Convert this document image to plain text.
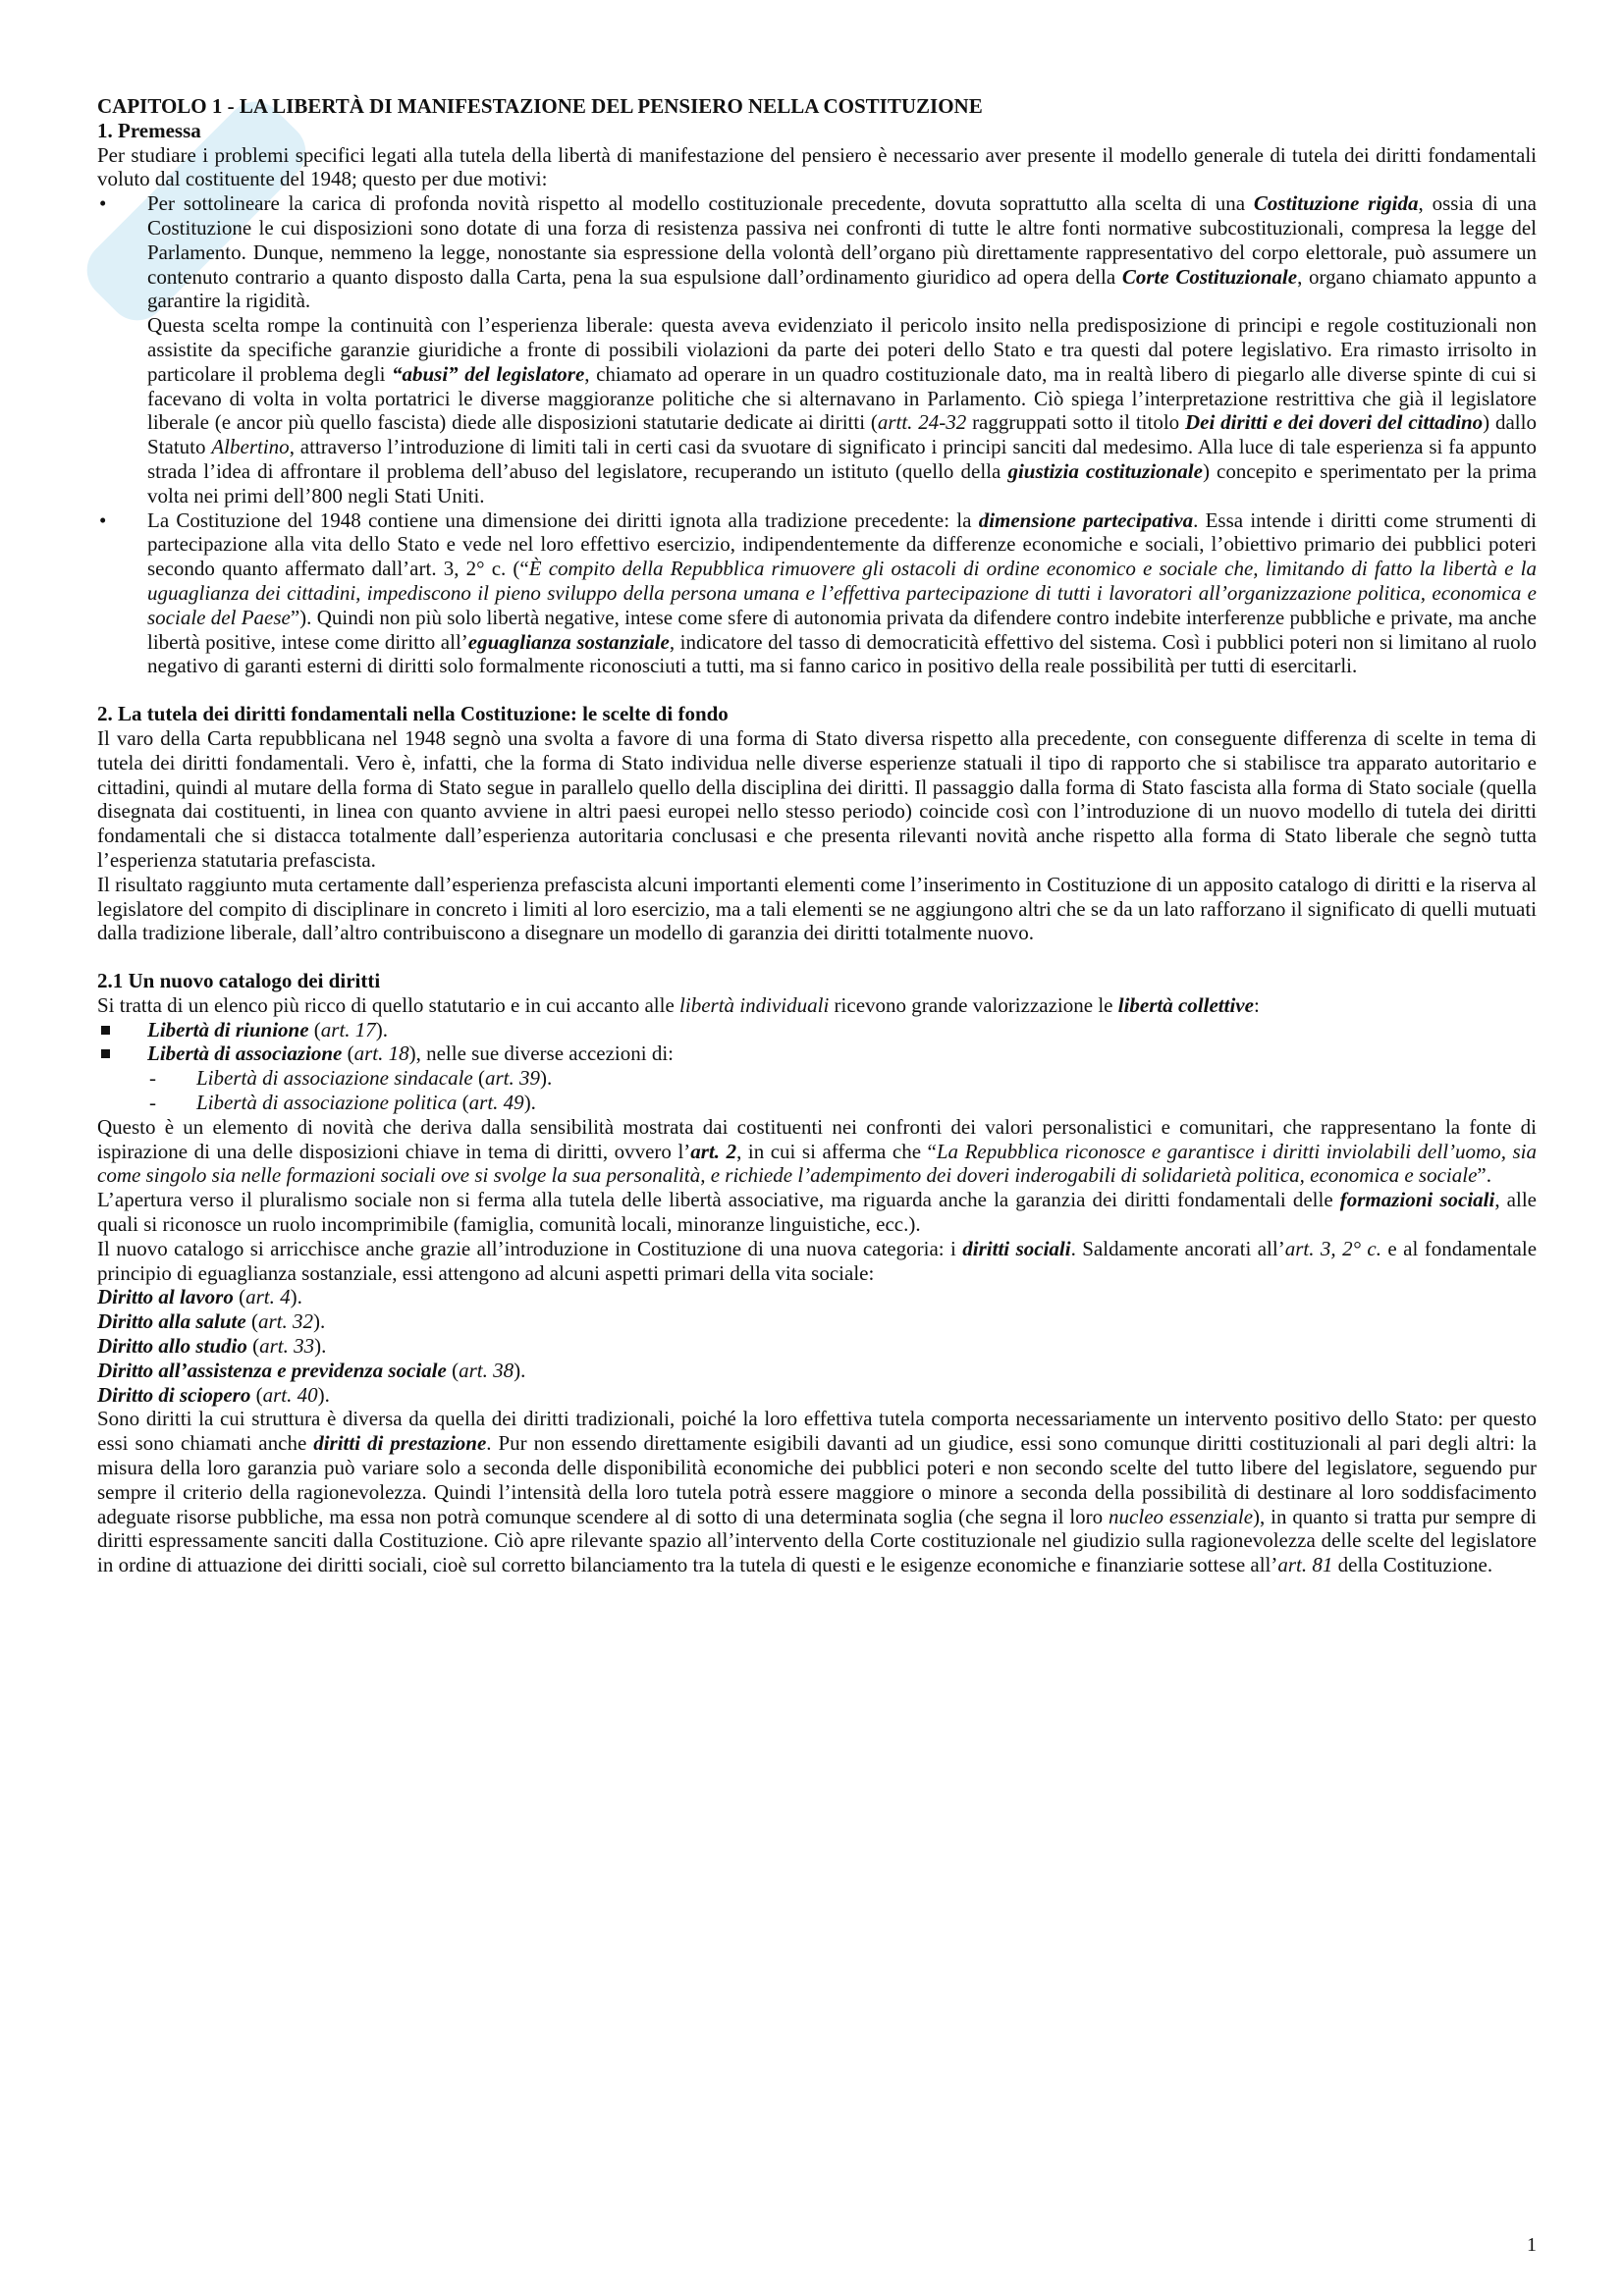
CAPITOLO 1 - LA LIBERTÀ DI MANIFESTAZIONE DEL PENSIERO NELLA COSTITUZIONE

1. Premessa

Per studiare i problemi specifici legati alla tutela della libertà di manifestazione del pensiero è necessario aver presente il modello generale di tutela dei diritti fondamentali voluto dal costituente del 1948; questo per due motivi:

• Per sottolineare la carica di profonda novità rispetto al modello costituzionale precedente, dovuta soprattutto alla scelta di una Costituzione rigida, ossia di una Costituzione le cui disposizioni sono dotate di una forza di resistenza passiva nei confronti di tutte le altre fonti normative subcostituzionali, compresa la legge del Parlamento. Dunque, nemmeno la legge, nonostante sia espressione della volontà dell’organo più direttamente rappresentativo del corpo elettorale, può assumere un contenuto contrario a quanto disposto dalla Carta, pena la sua espulsione dall’ordinamento giuridico ad opera della Corte Costituzionale, organo chiamato appunto a garantire la rigidità.
Questa scelta rompe la continuità con l’esperienza liberale: questa aveva evidenziato il pericolo insito nella predisposizione di principi e regole costituzionali non assistite da specifiche garanzie giuridiche a fronte di possibili violazioni da parte dei poteri dello Stato e tra questi dal potere legislativo. Era rimasto irrisolto in particolare il problema degli “abusi” del legislatore, chiamato ad operare in un quadro costituzionale dato, ma in realtà libero di piegarlo alle diverse spinte di cui si facevano di volta in volta portatrici le diverse maggioranze politiche che si alternavano in Parlamento. Ciò spiega l’interpretazione restrittiva che già il legislatore liberale (e ancor più quello fascista) diede alle disposizioni statutarie dedicate ai diritti (artt. 24-32 raggruppati sotto il titolo Dei diritti e dei doveri del cittadino) dallo Statuto Albertino, attraverso l’introduzione di limiti tali in certi casi da svuotare di significato i principi sanciti dal medesimo. Alla luce di tale esperienza si fa appunto strada l’idea di affrontare il problema dell’abuso del legislatore, recuperando un istituto (quello della giustizia costituzionale) concepito e sperimentato per la prima volta nei primi dell’800 negli Stati Uniti.
• La Costituzione del 1948 contiene una dimensione dei diritti ignota alla tradizione precedente: la dimensione partecipativa. Essa intende i diritti come strumenti di partecipazione alla vita dello Stato e vede nel loro effettivo esercizio, indipendentemente da differenze economiche e sociali, l’obiettivo primario dei pubblici poteri secondo quanto affermato dall’art. 3, 2° c. (“È compito della Repubblica rimuovere gli ostacoli di ordine economico e sociale che, limitando di fatto la libertà e la uguaglianza dei cittadini, impediscono il pieno sviluppo della persona umana e l’effettiva partecipazione di tutti i lavoratori all’organizzazione politica, economica e sociale del Paese”). Quindi non più solo libertà negative, intese come sfere di autonomia privata da difendere contro indebite interferenze pubbliche e private, ma anche libertà positive, intese come diritto all’eguaglianza sostanziale, indicatore del tasso di democraticità effettivo del sistema. Così i pubblici poteri non si limitano al ruolo negativo di garanti esterni di diritti solo formalmente riconosciuti a tutti, ma si fanno carico in positivo della reale possibilità per tutti di esercitarli.

2. La tutela dei diritti fondamentali nella Costituzione: le scelte di fondo

Il varo della Carta repubblicana nel 1948 segnò una svolta a favore di una forma di Stato diversa rispetto alla precedente, con conseguente differenza di scelte in tema di tutela dei diritti fondamentali. Vero è, infatti, che la forma di Stato individua nelle diverse esperienze statuali il tipo di rapporto che si stabilisce tra apparato autoritario e cittadini, quindi al mutare della forma di Stato segue in parallelo quello della disciplina dei diritti. Il passaggio dalla forma di Stato fascista alla forma di Stato sociale (quella disegnata dai costituenti, in linea con quanto avviene in altri paesi europei nello stesso periodo) coincide così con l’introduzione di un nuovo modello di tutela dei diritti fondamentali che si distacca totalmente dall’esperienza autoritaria conclusasi e che presenta rilevanti novità anche rispetto alla forma di Stato liberale che segnò tutta l’esperienza statutaria prefascista.

Il risultato raggiunto muta certamente dall’esperienza prefascista alcuni importanti elementi come l’inserimento in Costituzione di un apposito catalogo di diritti e la riserva al legislatore del compito di disciplinare in concreto i limiti al loro esercizio, ma a tali elementi se ne aggiungono altri che se da un lato rafforzano il significato di quelli mutuati dalla tradizione liberale, dall’altro contribuiscono a disegnare un modello di garanzia dei diritti totalmente nuovo.

2.1 Un nuovo catalogo dei diritti

Si tratta di un elenco più ricco di quello statutario e in cui accanto alle libertà individuali ricevono grande valorizzazione le libertà collettive:

Libertà di riunione (art. 17).
Libertà di associazione (art. 18), nelle sue diverse accezioni di:
- Libertà di associazione sindacale (art. 39).
- Libertà di associazione politica (art. 49).

Questo è un elemento di novità che deriva dalla sensibilità mostrata dai costituenti nei confronti dei valori personalistici e comunitari, che rappresentano la fonte di ispirazione di una delle disposizioni chiave in tema di diritti, ovvero l’art. 2, in cui si afferma che “La Repubblica riconosce e garantisce i diritti inviolabili dell’uomo, sia come singolo sia nelle formazioni sociali ove si svolge la sua personalità, e richiede l’adempimento dei doveri inderogabili di solidarietà politica, economica e sociale”.

L’apertura verso il pluralismo sociale non si ferma alla tutela delle libertà associative, ma riguarda anche la garanzia dei diritti fondamentali delle formazioni sociali, alle quali si riconosce un ruolo incomprimibile (famiglia, comunità locali, minoranze linguistiche, ecc.).

Il nuovo catalogo si arricchisce anche grazie all’introduzione in Costituzione di una nuova categoria: i diritti sociali. Saldamente ancorati all’art. 3, 2° c. e al fondamentale principio di eguaglianza sostanziale, essi attengono ad alcuni aspetti primari della vita sociale:

Diritto al lavoro (art. 4).

Diritto alla salute (art. 32).

Diritto allo studio (art. 33).

Diritto all’assistenza e previdenza sociale (art. 38).

Diritto di sciopero (art. 40).

Sono diritti la cui struttura è diversa da quella dei diritti tradizionali, poiché la loro effettiva tutela comporta necessariamente un intervento positivo dello Stato: per questo essi sono chiamati anche diritti di prestazione. Pur non essendo direttamente esigibili davanti ad un giudice, essi sono comunque diritti costituzionali al pari degli altri: la misura della loro garanzia può variare solo a seconda delle disponibilità economiche dei pubblici poteri e non secondo scelte del tutto libere del legislatore, seguendo pur sempre il criterio della ragionevolezza. Quindi l’intensità della loro tutela potrà essere maggiore o minore a seconda della possibilità di destinare al loro soddisfacimento adeguate risorse pubbliche, ma essa non potrà comunque scendere al di sotto di una determinata soglia (che segna il loro nucleo essenziale), in quanto si tratta pur sempre di diritti espressamente sanciti dalla Costituzione. Ciò apre rilevante spazio all’intervento della Corte costituzionale nel giudizio sulla ragionevolezza delle scelte del legislatore in ordine di attuazione dei diritti sociali, cioè sul corretto bilanciamento tra la tutela di questi e le esigenze economiche e finanziarie sottese all’art. 81 della Costituzione.

1
